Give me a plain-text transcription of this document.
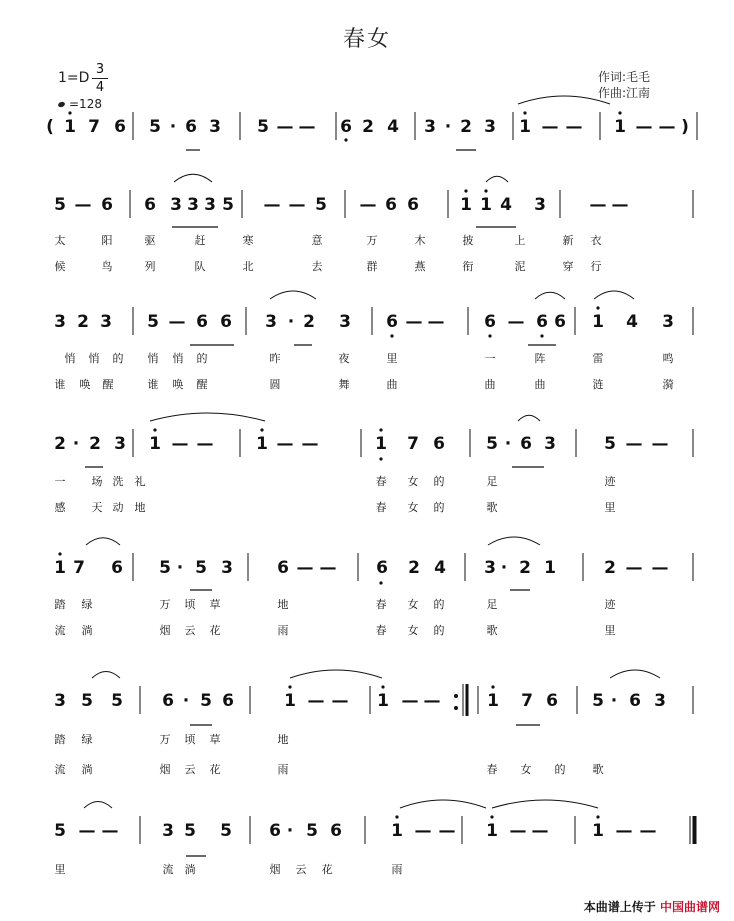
春女
1=D
3
4
=128
作词:毛毛
作曲:江南
( 1 7 6 5 · 6 3 5 — — 6 2 4 3 · 2 3 1 — — 1 — — )
5 — 6 6 3 3 3 5 — — 5 — 6 6 1 1 4 3	— —
太	阳	驱	赶	寒	意	万	木	披	上	新 衣
候	鸟	列	队	北	去	群	燕	衔	泥	穿 行
3 2 3 5 — 6 6 3 · 2 3 6 — — 6 — 6 6 1 4 3
悄 悄 的 悄 悄 的	昨	夜	里	一	阵	雷	鸣
谁 唤 醒	谁 唤 醒	圆	舞	曲	曲	曲	涟	漪
2 · 2 3 1 — —	1 — —	1 7 6 5 · 6 3	5 — —
一 场 洗 礼	春 女 的	足	迹
感 天 动 地	春 女 的	歌	里
1 7 6 5 · 5 3	6 — — 6 2 4 3 · 2 1	2 — —
踏 绿	万 顷 草	地	春 女 的	足	迹
流 淌	烟 云 花	雨	春 女 的	歌	里
3 5 5 6 · 5 6	1 — — 1 — —	1 7 6 5 · 6 3
踏 绿	万 顷 草	地
流 淌	烟 云 花	雨	春 女 的 歌
5 — —	3 5 5 6 · 5 6	1 — — 1 — —	1 — —
里	流 淌	烟 云 花	雨
本曲谱上传于 中国曲谱网
